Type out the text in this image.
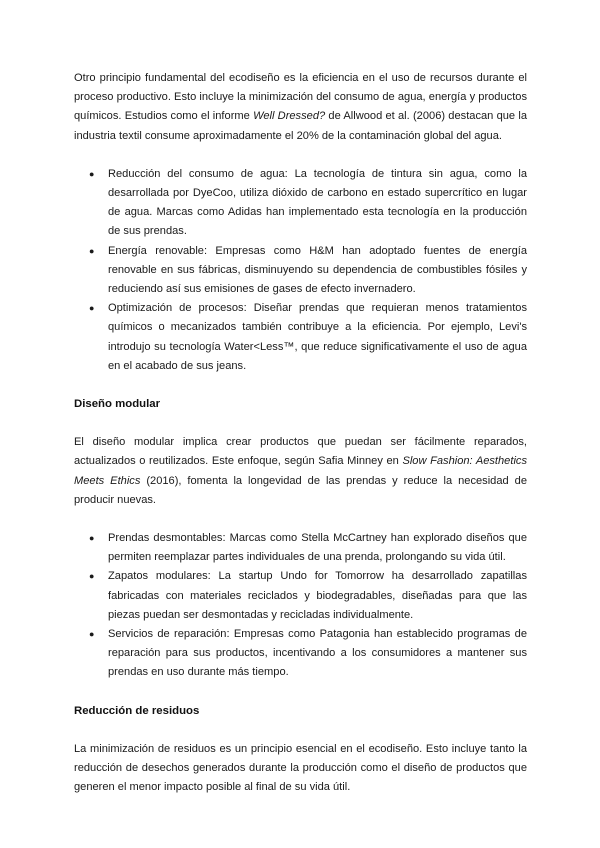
Otro principio fundamental del ecodiseño es la eficiencia en el uso de recursos durante el proceso productivo. Esto incluye la minimización del consumo de agua, energía y productos químicos. Estudios como el informe Well Dressed? de Allwood et al. (2006) destacan que la industria textil consume aproximadamente el 20% de la contaminación global del agua.

● Reducción del consumo de agua: La tecnología de tintura sin agua, como la desarrollada por DyeCoo, utiliza dióxido de carbono en estado supercrítico en lugar de agua. Marcas como Adidas han implementado esta tecnología en la producción de sus prendas.
● Energía renovable: Empresas como H&M han adoptado fuentes de energía renovable en sus fábricas, disminuyendo su dependencia de combustibles fósiles y reduciendo así sus emisiones de gases de efecto invernadero.
● Optimización de procesos: Diseñar prendas que requieran menos tratamientos químicos o mecanizados también contribuye a la eficiencia. Por ejemplo, Levi's introdujo su tecnología Water<Less™, que reduce significativamente el uso de agua en el acabado de sus jeans.
Diseño modular

El diseño modular implica crear productos que puedan ser fácilmente reparados, actualizados o reutilizados. Este enfoque, según Safia Minney en Slow Fashion: Aesthetics Meets Ethics (2016), fomenta la longevidad de las prendas y reduce la necesidad de producir nuevas.

● Prendas desmontables: Marcas como Stella McCartney han explorado diseños que permiten reemplazar partes individuales de una prenda, prolongando su vida útil.
● Zapatos modulares: La startup Undo for Tomorrow ha desarrollado zapatillas fabricadas con materiales reciclados y biodegradables, diseñadas para que las piezas puedan ser desmontadas y recicladas individualmente.
● Servicios de reparación: Empresas como Patagonia han establecido programas de reparación para sus productos, incentivando a los consumidores a mantener sus prendas en uso durante más tiempo.
Reducción de residuos

La minimización de residuos es un principio esencial en el ecodiseño. Esto incluye tanto la reducción de desechos generados durante la producción como el diseño de productos que generen el menor impacto posible al final de su vida útil.
